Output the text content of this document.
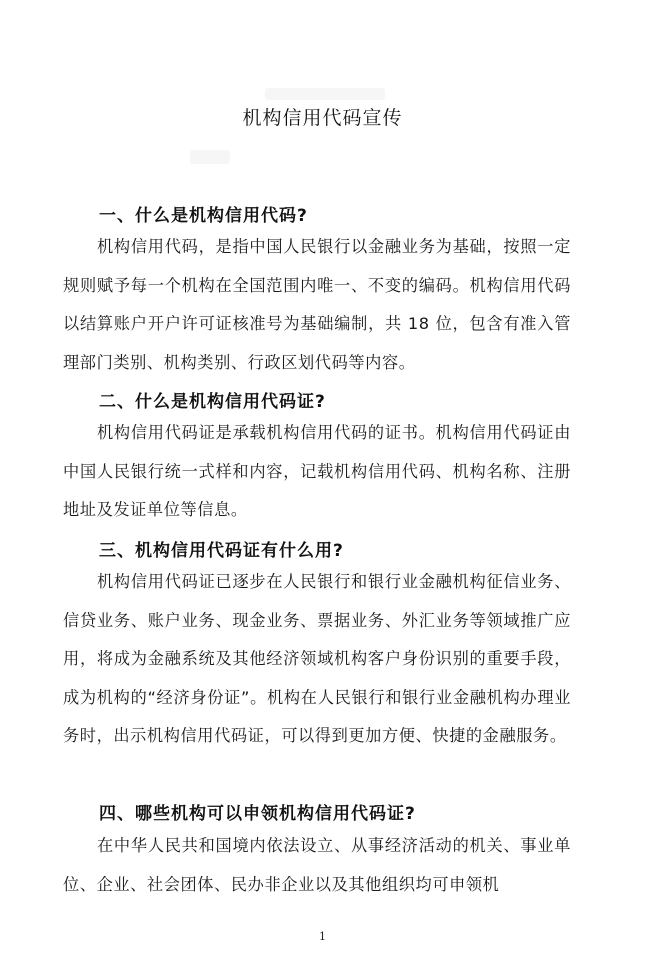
机构信用代码宣传
一、什么是机构信用代码?
机构信用代码，是指中国人民银行以金融业务为基础，按照一定规则赋予每一个机构在全国范围内唯一、不变的编码。机构信用代码以结算账户开户许可证核准号为基础编制，共 18 位，包含有准入管理部门类别、机构类别、行政区划代码等内容。
二、什么是机构信用代码证?
机构信用代码证是承载机构信用代码的证书。机构信用代码证由中国人民银行统一式样和内容，记载机构信用代码、机构名称、注册地址及发证单位等信息。
三、机构信用代码证有什么用?
机构信用代码证已逐步在人民银行和银行业金融机构征信业务、信贷业务、账户业务、现金业务、票据业务、外汇业务等领域推广应用，将成为金融系统及其他经济领域机构客户身份识别的重要手段，成为机构的“经济身份证”。机构在人民银行和银行业金融机构办理业务时，出示机构信用代码证，可以得到更加方便、快捷的金融服务。
四、哪些机构可以申领机构信用代码证?
在中华人民共和国境内依法设立、从事经济活动的机关、事业单位、企业、社会团体、民办非企业以及其他组织均可申领机
1
